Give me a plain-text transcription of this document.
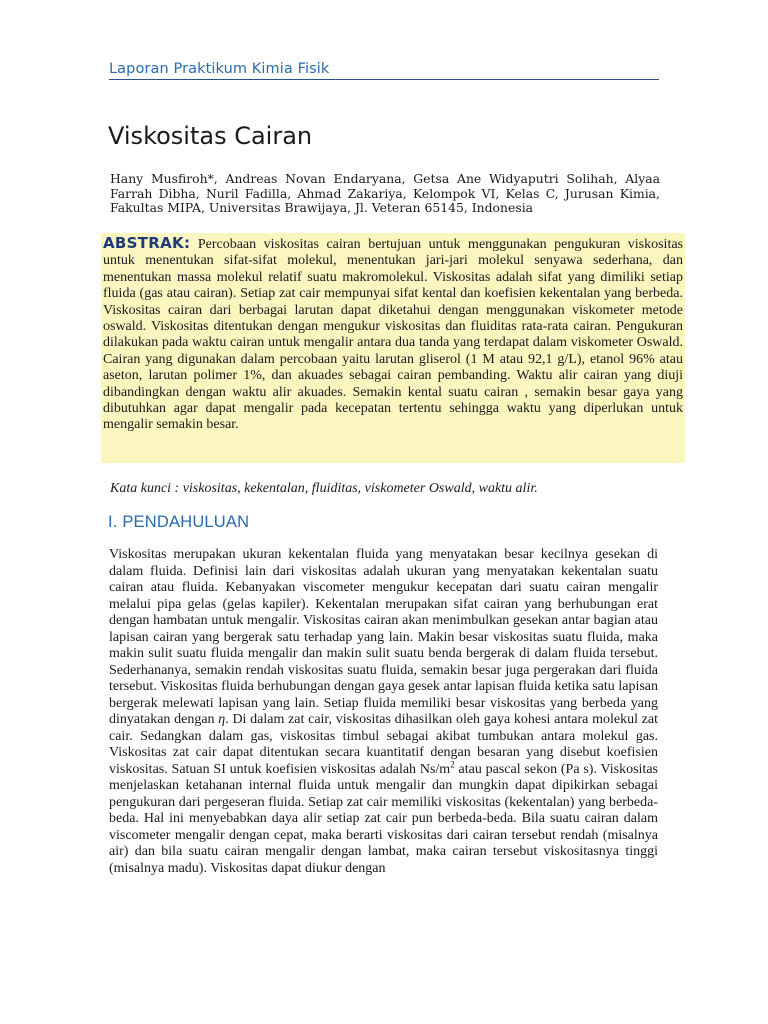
Laporan Praktikum Kimia Fisik
Viskositas Cairan
Hany Musfiroh*, Andreas Novan Endaryana, Getsa Ane Widyaputri Solihah, Alyaa Farrah Dibha, Nuril Fadilla, Ahmad Zakariya, Kelompok VI, Kelas C, Jurusan Kimia, Fakultas MIPA, Universitas Brawijaya, Jl. Veteran 65145, Indonesia
ABSTRAK: Percobaan viskositas cairan bertujuan untuk menggunakan pengukuran viskositas untuk menentukan sifat-sifat molekul, menentukan jari-jari molekul senyawa sederhana, dan menentukan massa molekul relatif suatu makromolekul. Viskositas adalah sifat yang dimiliki setiap fluida (gas atau cairan). Setiap zat cair mempunyai sifat kental dan koefisien kekentalan yang berbeda. Viskositas cairan dari berbagai larutan dapat diketahui dengan menggunakan viskometer metode oswald. Viskositas ditentukan dengan mengukur viskositas dan fluiditas rata-rata cairan. Pengukuran dilakukan pada waktu cairan untuk mengalir antara dua tanda yang terdapat dalam viskometer Oswald. Cairan yang digunakan dalam percobaan yaitu larutan gliserol (1 M atau 92,1 g/L), etanol 96% atau aseton, larutan polimer 1%, dan akuades sebagai cairan pembanding. Waktu alir cairan yang diuji dibandingkan dengan waktu alir akuades. Semakin kental suatu cairan , semakin besar gaya yang dibutuhkan agar dapat mengalir pada kecepatan tertentu sehingga waktu yang diperlukan untuk mengalir semakin besar.
Kata kunci : viskositas, kekentalan, fluiditas, viskometer Oswald, waktu alir.
I. PENDAHULUAN

Viskositas merupakan ukuran kekentalan fluida yang menyatakan besar kecilnya gesekan di dalam fluida. Definisi lain dari viskositas adalah ukuran yang menyatakan kekentalan suatu cairan atau fluida. Kebanyakan viscometer mengukur kecepatan dari suatu cairan mengalir melalui pipa gelas (gelas kapiler). Kekentalan merupakan sifat cairan yang berhubungan erat dengan hambatan untuk mengalir. Viskositas cairan akan menimbulkan gesekan antar bagian atau lapisan cairan yang bergerak satu terhadap yang lain. Makin besar viskositas suatu fluida, maka makin sulit suatu fluida mengalir dan makin sulit suatu benda bergerak di dalam fluida tersebut. Sederhananya, semakin rendah viskositas suatu fluida, semakin besar juga pergerakan dari fluida tersebut. Viskositas fluida berhubungan dengan gaya gesek antar lapisan fluida ketika satu lapisan bergerak melewati lapisan yang lain. Setiap fluida memiliki besar viskositas yang berbeda yang dinyatakan dengan η. Di dalam zat cair, viskositas dihasilkan oleh gaya kohesi antara molekul zat cair. Sedangkan dalam gas, viskositas timbul sebagai akibat tumbukan antara molekul gas. Viskositas zat cair dapat ditentukan secara kuantitatif dengan besaran yang disebut koefisien viskositas. Satuan SI untuk koefisien viskositas adalah $Ns/m^2$ atau pascal sekon (Pa s). Viskositas menjelaskan ketahanan internal fluida untuk mengalir dan mungkin dapat dipikirkan sebagai pengukuran dari pergeseran fluida. Setiap zat cair memiliki viskositas (kekentalan) yang berbeda-beda. Hal ini menyebabkan daya alir setiap zat cair pun berbeda-beda. Bila suatu cairan dalam viscometer mengalir dengan cepat, maka berarti viskositas dari cairan tersebut rendah (misalnya air) dan bila suatu cairan mengalir dengan lambat, maka cairan tersebut viskositasnya tinggi (misalnya madu). Viskositas dapat diukur dengan
